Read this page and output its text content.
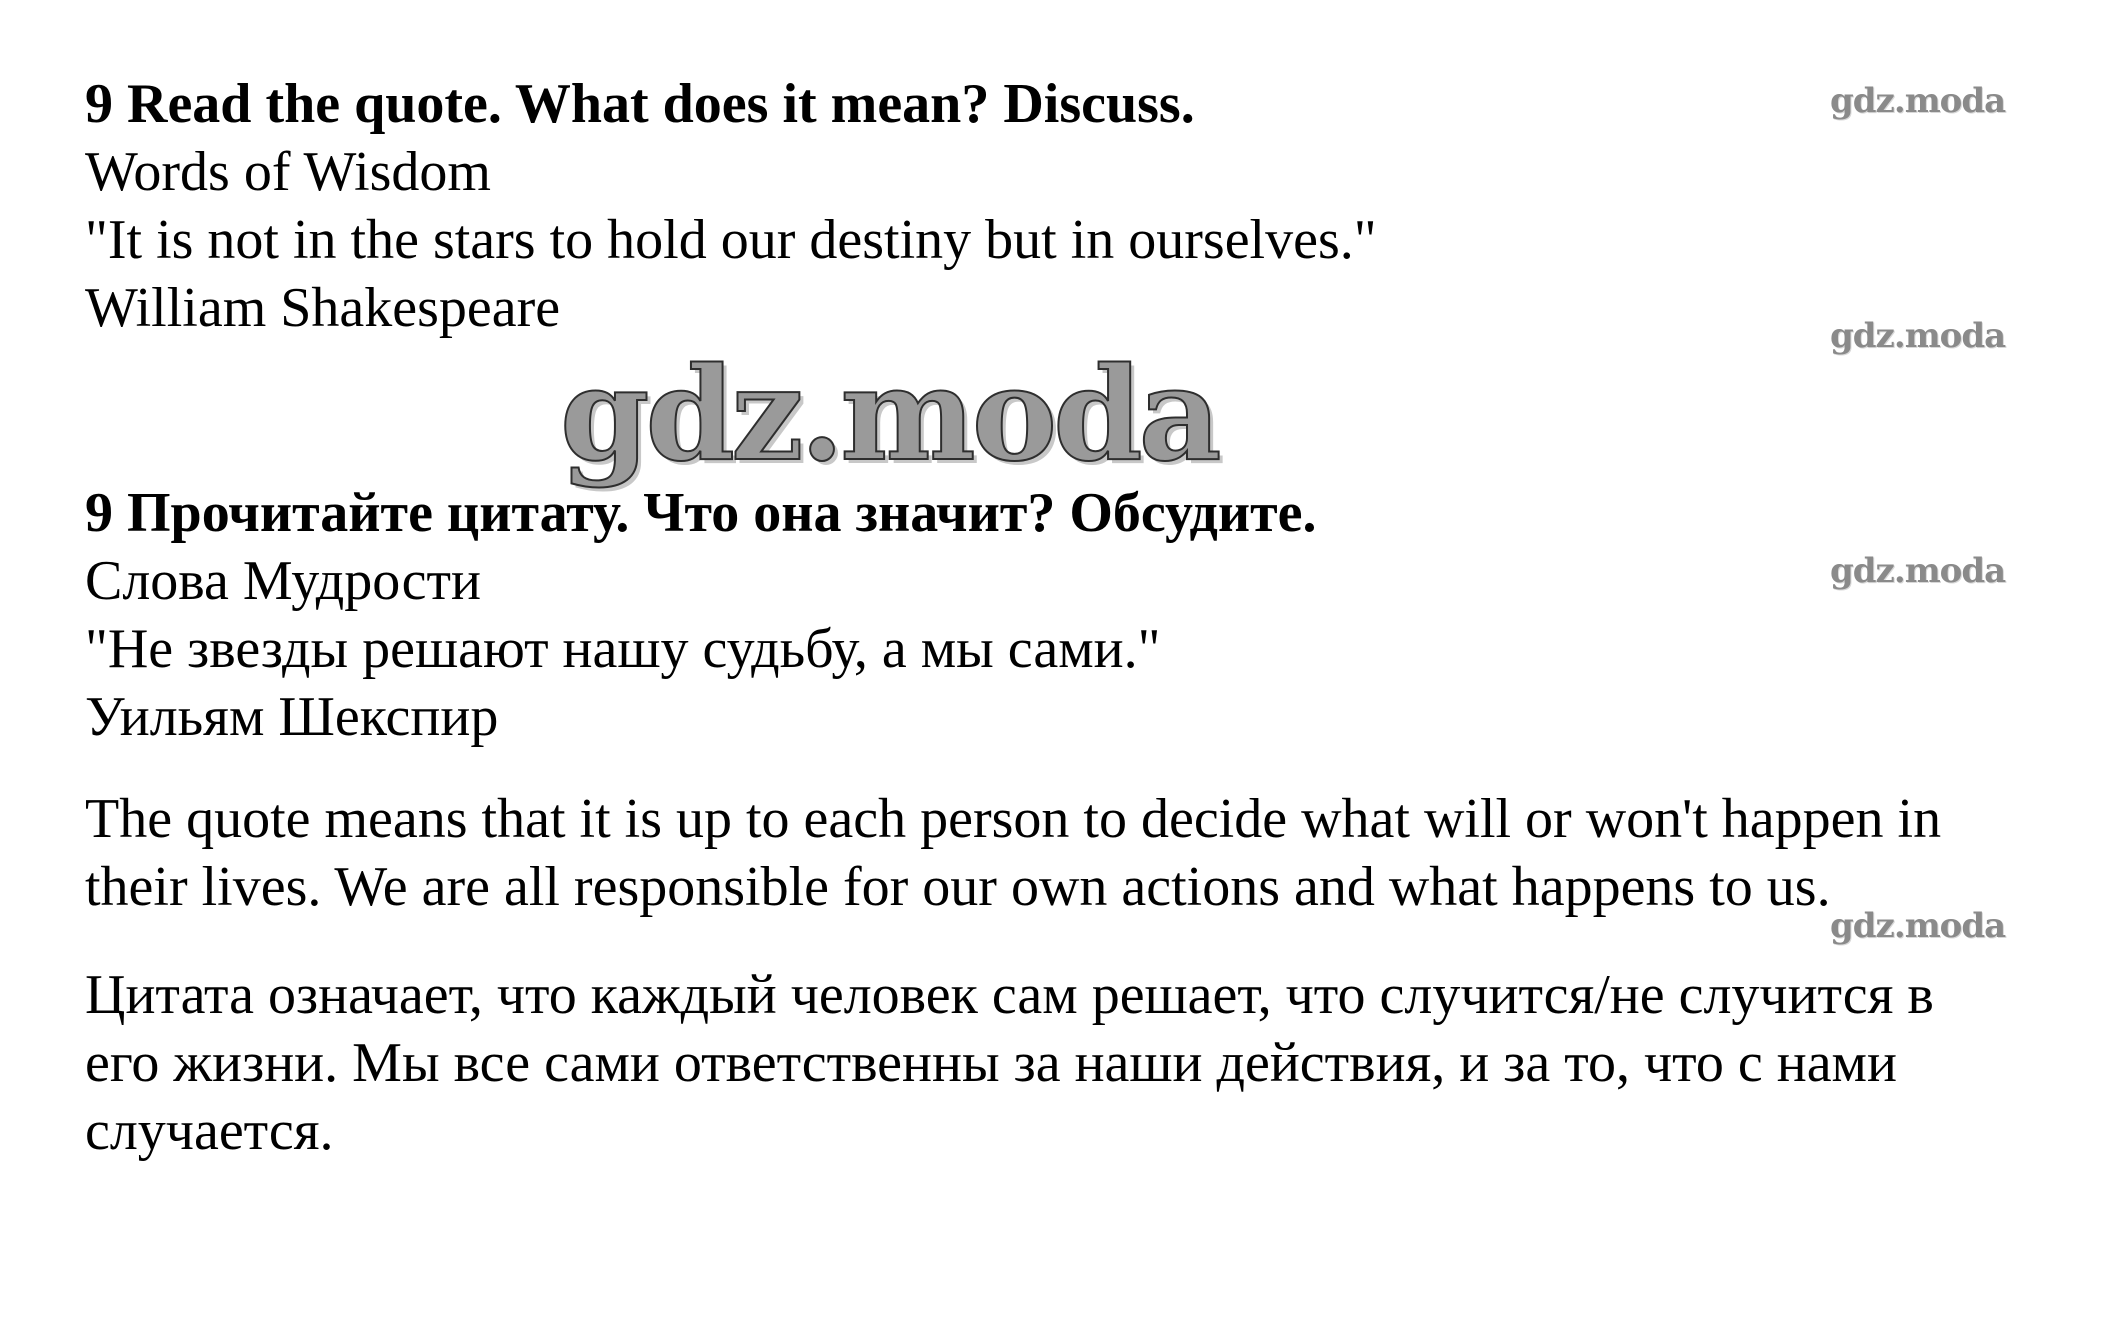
9 Read the quote. What does it mean? Discuss.
Words of Wisdom
"It is not in the stars to hold our destiny but in ourselves."
William Shakespeare
9 Прочитайте цитату. Что она значит? Обсудите.
Слова Мудрости
"Не звезды решают нашу судьбу, а мы сами."
Уильям Шекспир
The quote means that it is up to each person to decide what will or won't happen in
their lives. We are all responsible for our own actions and what happens to us.
Цитата означает, что каждый человек сам решает, что случится/не случится в
его жизни. Мы все сами ответственны за наши действия, и за то, что с нами
случается.
gdz.moda
gdz.moda
gdz.moda
gdz.moda
gdz.moda
